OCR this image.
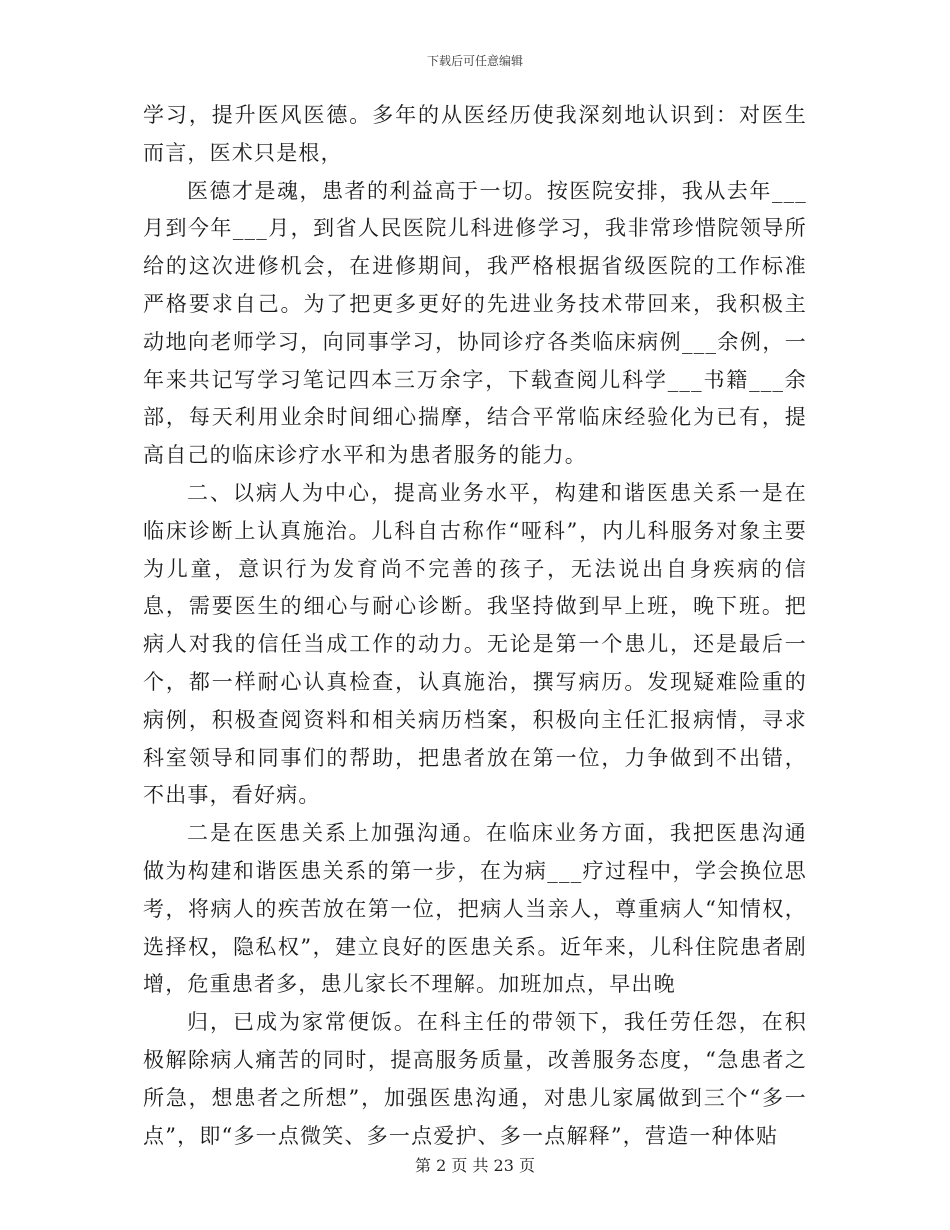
下载后可任意编辑

学习，提升医风医德。多年的从医经历使我深刻地认识到：对医生而言，医术只是根，

医德才是魂，患者的利益高于一切。按医院安排，我从去年___月到今年___月，到省人民医院儿科进修学习，我非常珍惜院领导所给的这次进修机会，在进修期间，我严格根据省级医院的工作标准严格要求自己。为了把更多更好的先进业务技术带回来，我积极主动地向老师学习，向同事学习，协同诊疗各类临床病例___余例，一年来共记写学习笔记四本三万余字，下载查阅儿科学___书籍___余部，每天利用业余时间细心揣摩，结合平常临床经验化为已有，提高自己的临床诊疗水平和为患者服务的能力。

二、以病人为中心，提高业务水平，构建和谐医患关系一是在临床诊断上认真施治。儿科自古称作“哑科”，内儿科服务对象主要为儿童，意识行为发育尚不完善的孩子，无法说出自身疾病的信息，需要医生的细心与耐心诊断。我坚持做到早上班，晚下班。把病人对我的信任当成工作的动力。无论是第一个患儿，还是最后一个，都一样耐心认真检查，认真施治，撰写病历。发现疑难险重的病例，积极查阅资料和相关病历档案，积极向主任汇报病情，寻求科室领导和同事们的帮助，把患者放在第一位，力争做到不出错，不出事，看好病。

二是在医患关系上加强沟通。在临床业务方面，我把医患沟通做为构建和谐医患关系的第一步，在为病___疗过程中，学会换位思考，将病人的疾苦放在第一位，把病人当亲人，尊重病人“知情权，选择权，隐私权”，建立良好的医患关系。近年来，儿科住院患者剧增，危重患者多，患儿家长不理解。加班加点，早出晚

归，已成为家常便饭。在科主任的带领下，我任劳任怨，在积极解除病人痛苦的同时，提高服务质量，改善服务态度，“急患者之所急，想患者之所想”，加强医患沟通，对患儿家属做到三个“多一点”，即“多一点微笑、多一点爱护、多一点解释”，营造一种体贴

第 2 页 共 23 页
